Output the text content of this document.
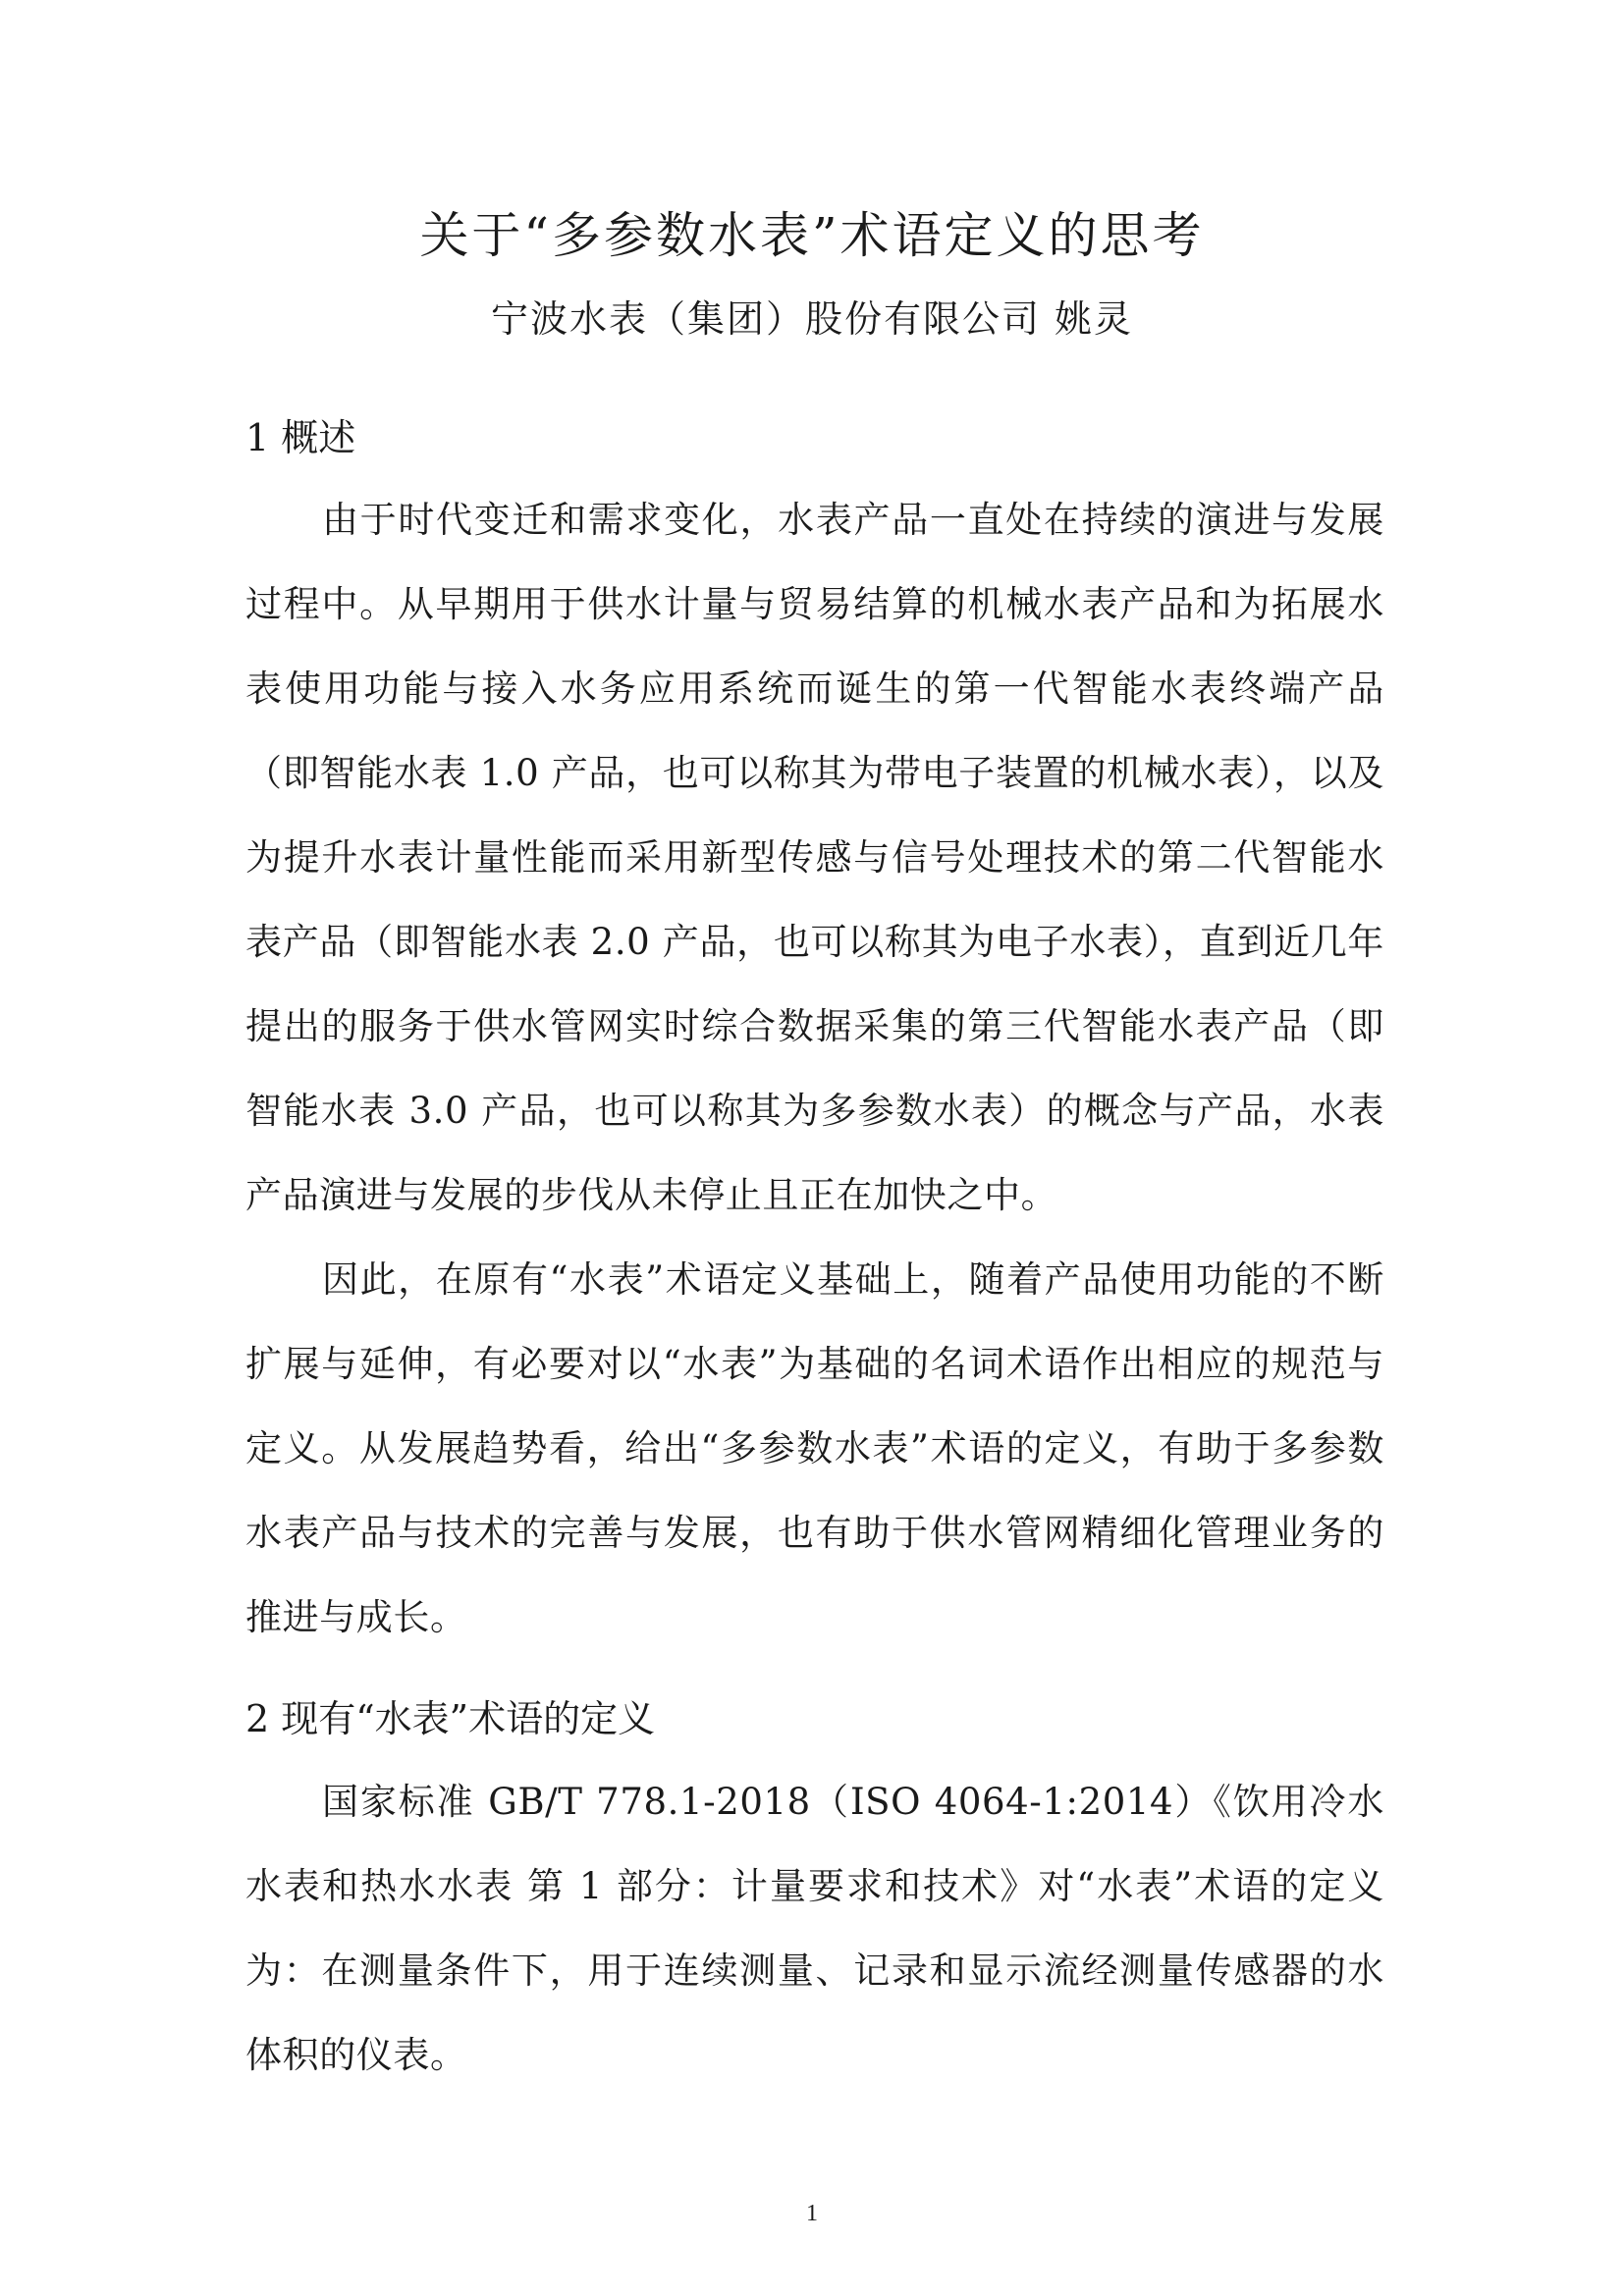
关于“多参数水表”术语定义的思考

宁波水表（集团）股份有限公司 姚灵

1 概述

由于时代变迁和需求变化，水表产品一直处在持续的演进与发展过程中。从早期用于供水计量与贸易结算的机械水表产品和为拓展水表使用功能与接入水务应用系统而诞生的第一代智能水表终端产品（即智能水表 1.0 产品，也可以称其为带电子装置的机械水表），以及为提升水表计量性能而采用新型传感与信号处理技术的第二代智能水表产品（即智能水表 2.0 产品，也可以称其为电子水表），直到近几年提出的服务于供水管网实时综合数据采集的第三代智能水表产品（即智能水表 3.0 产品，也可以称其为多参数水表）的概念与产品，水表产品演进与发展的步伐从未停止且正在加快之中。

因此，在原有“水表”术语定义基础上，随着产品使用功能的不断扩展与延伸，有必要对以“水表”为基础的名词术语作出相应的规范与定义。从发展趋势看，给出“多参数水表”术语的定义，有助于多参数水表产品与技术的完善与发展，也有助于供水管网精细化管理业务的推进与成长。

2 现有“水表”术语的定义

国家标准 GB/T 778.1-2018（ISO 4064-1:2014）《饮用冷水水表和热水水表 第 1 部分：计量要求和技术》对“水表”术语的定义为：在测量条件下，用于连续测量、记录和显示流经测量传感器的水体积的仪表。

1
